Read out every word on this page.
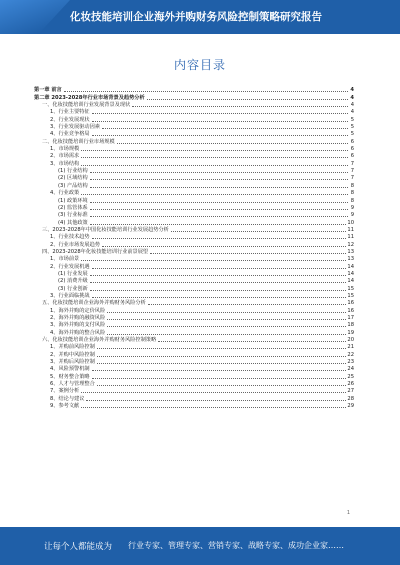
化妆技能培训企业海外并购财务风险控制策略研究报告
内容目录
第一章 前言	4
第二章 2023-2028年行业市场背景及趋势分析	4
一、化妆技能培训行业发展背景及现状	4
1、行业主要特征	4
2、行业发展现状	5
3、行业发展驱动因素	5
4、行业竞争格局	5
二、化妆技能培训行业市场规模	6
1、市场规模	6
2、市场需求	6
3、市场结构	7
(1) 行业结构	7
(2) 区域结构	7
(3) 产品结构	8
4、行业政策	8
(1) 政策环境	8
(2) 监管体系	9
(3) 行业标准	9
(4) 其他政策	10
三、2023-2028年中国化妆技能培训行业发展趋势分析	11
1、行业技术趋势	11
2、行业市场发展趋势	12
四、2023-2028年化妆技能培训行业前景展望	13
1、市场前景	13
2、行业发展机遇	14
(1) 行业发展	14
(2) 消费升级	14
(3) 行业创新	15
3、行业面临挑战	15
五、化妆技能培训企业海外并购财务风险分析	16
1、海外并购的定价风险	16
2、海外并购的融资风险	17
3、海外并购的支付风险	18
4、海外并购的整合风险	19
六、化妆技能培训企业海外并购财务风险控制策略	20
1、并购前风险控制	21
2、并购中风险控制	22
3、并购后风险控制	23
4、风险预警机制	24
5、财务整合策略	25
6、人才与管理整合	26
7、案例分析	27
8、结论与建议	28
9、参考文献	29
1
让每个人都能成为 行业专家、管理专家、营销专家、战略专家、成功企业家……
